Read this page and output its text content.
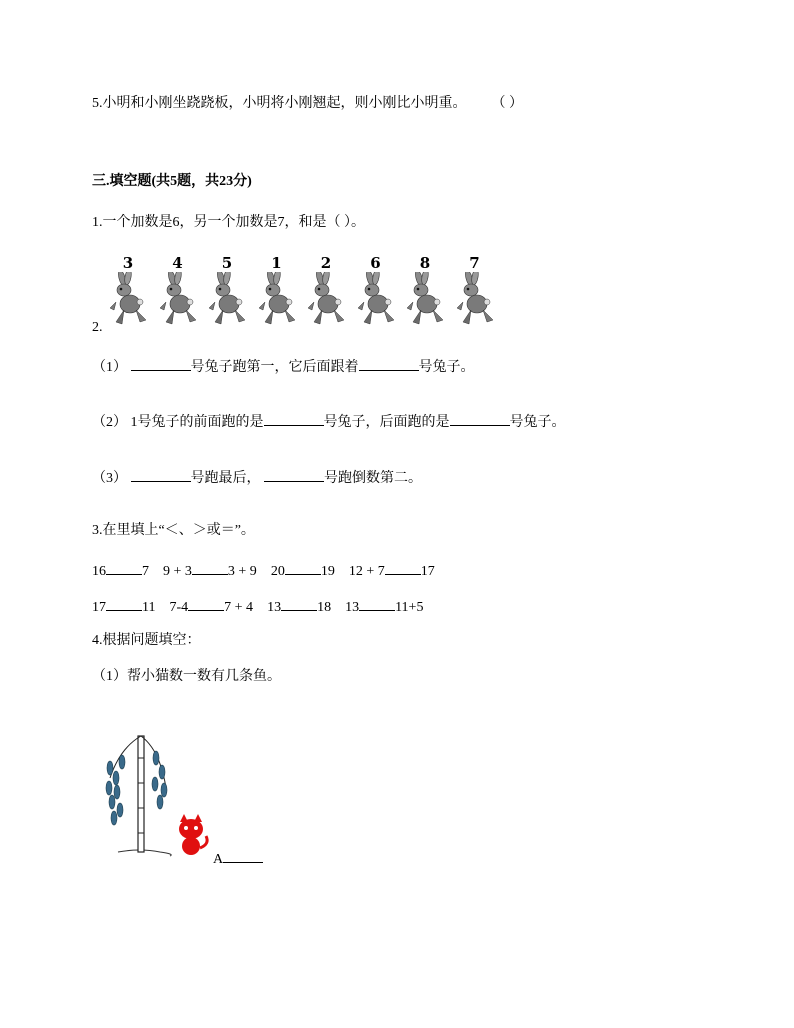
5.小明和小刚坐跷跷板，小明将小刚翘起，则小刚比小明重。 （ ）
三.填空题(共5题，共23分)
1.一个加数是6，另一个加数是7，和是（ ）。
3	4	5	1	2	6	8	7
2.
（1）	号兔子跑第一，它后面跟着	号兔子。
（2） 1号兔子的前面跑的是	号兔子，后面跑的是	号兔子。
（3）	号跑最后，	号跑倒数第二。
3.在里填上“＜、＞或＝”。
16	7 9 + 3	3 + 9 20	19 12 + 7	17
17	11 7-4	7 + 4 13	18 13	11+5
4.根据问题填空：
（1）帮小猫数一数有几条鱼。
A
